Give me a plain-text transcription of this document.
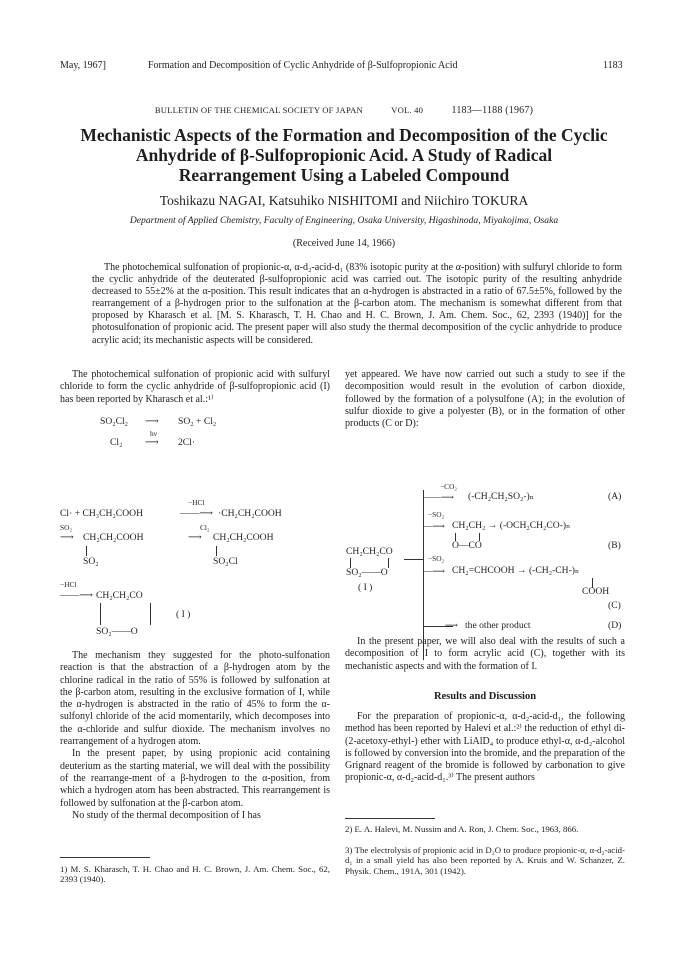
May, 1967]	Formation and Decomposition of Cyclic Anhydride of β-Sulfopropionic Acid	1183
BULLETIN OF THE CHEMICAL SOCIETY OF JAPAN	VOL. 40	1183—1188 (1967)
Mechanistic Aspects of the Formation and Decomposition of the Cyclic
Anhydride of β-Sulfopropionic Acid. A Study of Radical
Rearrangement Using a Labeled Compound
Toshikazu NAGAI, Katsuhiko NISHITOMI and Niichiro TOKURA
Department of Applied Chemistry, Faculty of Engineering, Osaka University, Higashinoda, Miyakojima, Osaka
(Received June 14, 1966)

The photochemical sulfonation of propionic-α, α-d₂-acid-d₁ (83% isotopic purity at the α-position) with sulfuryl chloride to form the cyclic anhydride of the deuterated β-sulfopropionic acid was carried out. The isotopic purity of the resulting anhydride decreased to 55±2% at the α-position. This result indicates that an α-hydrogen is abstracted in a ratio of 67.5±5%, followed by the rearrangement of a β-hydrogen prior to the sulfonation at the β-carbon atom. The mechanism is somewhat different from that proposed by Kharasch et al. [M. S. Kharasch, T. H. Chao and H. C. Brown, J. Am. Chem. Soc., 62, 2393 (1940)] for the photosulfonation of propionic acid. The present paper will also study the thermal decomposition of the cyclic anhydride to produce acrylic acid; its mechanistic aspects will be considered.

The photochemical sulfonation of propionic acid with sulfuryl chloride to form the cyclic anhydride of β-sulfopropionic acid (I) has been reported by Kharasch et al.:¹⁾

SO₂Cl₂ ⟶ SO₂ + Cl₂
hν
Cl₂ ⟶ 2Cl·
−HCl
Cl· + CH₃CH₂COOH	——⟶ ·CH₂CH₂COOH
SO₂	Cl₂
⟶ CH₂CH₂COOH	⟶ CH₂CH₂COOH
SO₂	SO₂Cl
−HCl
——⟶ CH₂CH₂CO
( I )
SO₂——O

The mechanism they suggested for the photo-sulfonation reaction is that the abstraction of a β-hydrogen atom by the chlorine radical in the ratio of 55% is followed by sulfonation at the β-carbon atom, resulting in the exclusive formation of I, while the α-hydrogen is abstracted in the ratio of 45% to form the α-sulfonyl chloride of the acid momentarily, which decomposes into the α-chloride and sulfur dioxide. The mechanism involves no rearrangement of a hydrogen atom.

In the present paper, by using propionic acid containing deuterium as the starting material, we will deal with the possibility of the rearrange-ment of a β-hydrogen to the α-position, from which a hydrogen atom has been abstracted. This rearrangement is followed by sulfonation at the β-carbon atom.

No study of the thermal decomposition of I has

1) M. S. Kharasch, T. H. Chao and H. C. Brown, J. Am. Chem. Soc., 62, 2393 (1940).

yet appeared. We have now carried out such a study to see if the decomposition would result in the evolution of carbon dioxide, followed by the formation of a polysulfone (A); in the evolution of sulfur dioxide to give a polyester (B), or in the formation of other products (C or D):

−CO₂
——⟶ (-CH₂CH₂SO₂-)ₙ	(A)
−SO₂
—⟶ CH₂CH₂ → (-OCH₂CH₂CO-)ₙ
O—CO	(B)
CH₂CH₂CO
−SO₂
SO₂——O	—⟶ CH₂=CHCOOH → (-CH₂-CH-)ₙ
( I )	COOH
(C)
⟶ the other product	(D)

In the present paper, we will also deal with the results of such a decomposition of I to form acrylic acid (C), together with its mechanistic aspects and with the formation of I.

Results and Discussion

For the preparation of propionic-α, α-d₂-acid-d₁, the following method has been reported by Halevi et al.:²⁾ the reduction of ethyl di-(2-acetoxy-ethyl-) ether with LiAlD₄ to produce ethyl-α, α-d₂-alcohol is followed by conversion into the bromide, and the preparation of the Grignard reagent of the bromide is followed by carbonation to give propionic-α, α-d₂-acid-d₁.³⁾ The present authors

2) E. A. Halevi, M. Nussim and A. Ron, J. Chem. Soc., 1963, 866.
3) The electrolysis of propionic acid in D₂O to produce propionic-α, α-d₂-acid-d₁ in a small yield has also been reported by A. Kruis and W. Schanzer, Z. Physik. Chem., 191A, 301 (1942).
